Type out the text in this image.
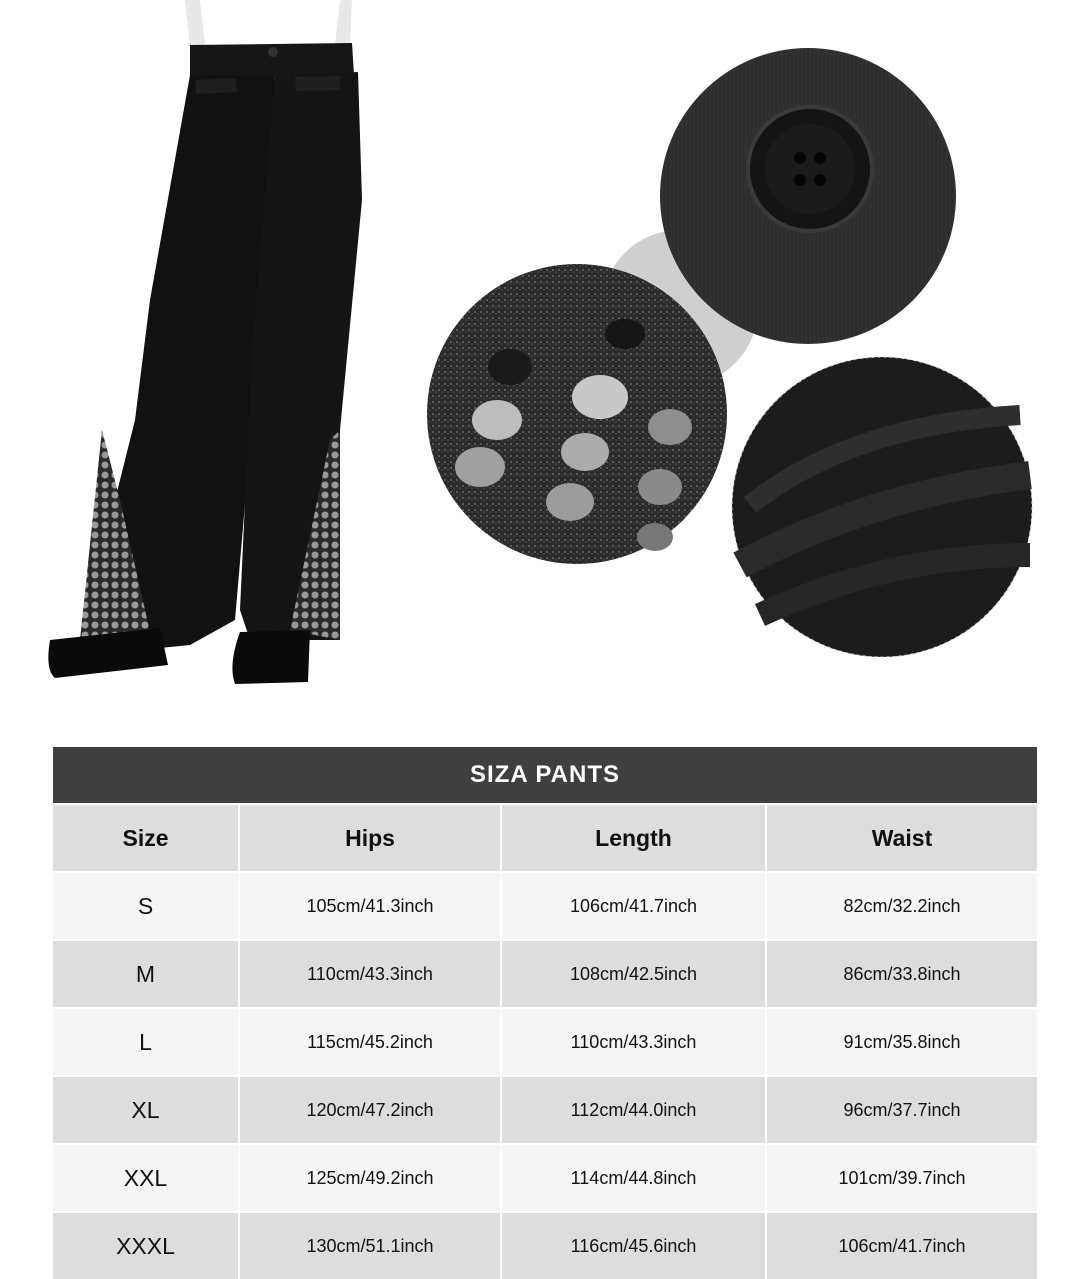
SIZA PANTS
Size	Hips	Length	Waist
S	105cm/41.3inch	106cm/41.7inch	82cm/32.2inch
M	110cm/43.3inch	108cm/42.5inch	86cm/33.8inch
L	115cm/45.2inch	110cm/43.3inch	91cm/35.8inch
XL	120cm/47.2inch	112cm/44.0inch	96cm/37.7inch
XXL	125cm/49.2inch	114cm/44.8inch	101cm/39.7inch
XXXL	130cm/51.1inch	116cm/45.6inch	106cm/41.7inch
